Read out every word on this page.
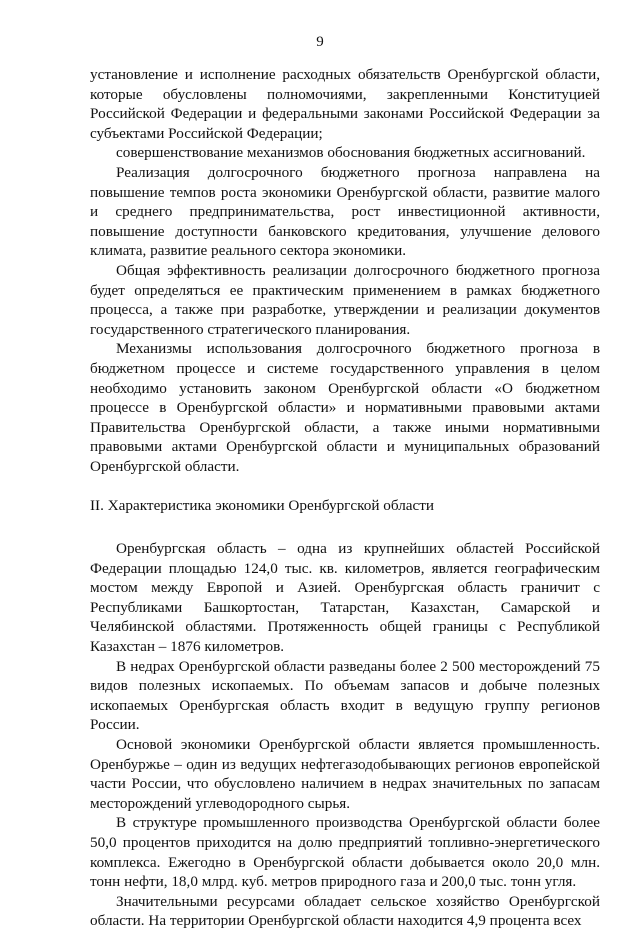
9

установление и исполнение расходных обязательств Оренбургской области, которые обусловлены полномочиями, закрепленными Конституцией Российской Федерации и федеральными законами Российской Федерации за субъектами Российской Федерации;

совершенствование механизмов обоснования бюджетных ассигнований.

Реализация долгосрочного бюджетного прогноза направлена на повышение темпов роста экономики Оренбургской области, развитие малого и среднего предпринимательства, рост инвестиционной активности, повышение доступности банковского кредитования, улучшение делового климата, развитие реального сектора экономики.

Общая эффективность реализации долгосрочного бюджетного прогноза будет определяться ее практическим применением в рамках бюджетного процесса, а также при разработке, утверждении и реализации документов государственного стратегического планирования.

Механизмы использования долгосрочного бюджетного прогноза в бюджетном процессе и системе государственного управления в целом необходимо установить законом Оренбургской области «О бюджетном процессе в Оренбургской области» и нормативными правовыми актами Правительства Оренбургской области, а также иными нормативными правовыми актами Оренбургской области и муниципальных образований Оренбургской области.

II. Характеристика экономики Оренбургской области

Оренбургская область – одна из крупнейших областей Российской Федерации площадью 124,0 тыс. кв. километров, является географическим мостом между Европой и Азией. Оренбургская область граничит с Республиками Башкортостан, Татарстан, Казахстан, Самарской и Челябинской областями. Протяженность общей границы с Республикой Казахстан – 1876 километров.

В недрах Оренбургской области разведаны более 2 500 месторождений 75 видов полезных ископаемых. По объемам запасов и добыче полезных ископаемых Оренбургская область входит в ведущую группу регионов России.

Основой экономики Оренбургской области является промышленность. Оренбуржье – один из ведущих нефтегазодобывающих регионов европейской части России, что обусловлено наличием в недрах значительных по запасам месторождений углеводородного сырья.

В структуре промышленного производства Оренбургской области более 50,0 процентов приходится на долю предприятий топливно-энергетического комплекса. Ежегодно в Оренбургской области добывается около 20,0 млн. тонн нефти, 18,0 млрд. куб. метров природного газа и 200,0 тыс. тонн угля.

Значительными ресурсами обладает сельское хозяйство Оренбургской области. На территории Оренбургской области находится 4,9 процента всех
